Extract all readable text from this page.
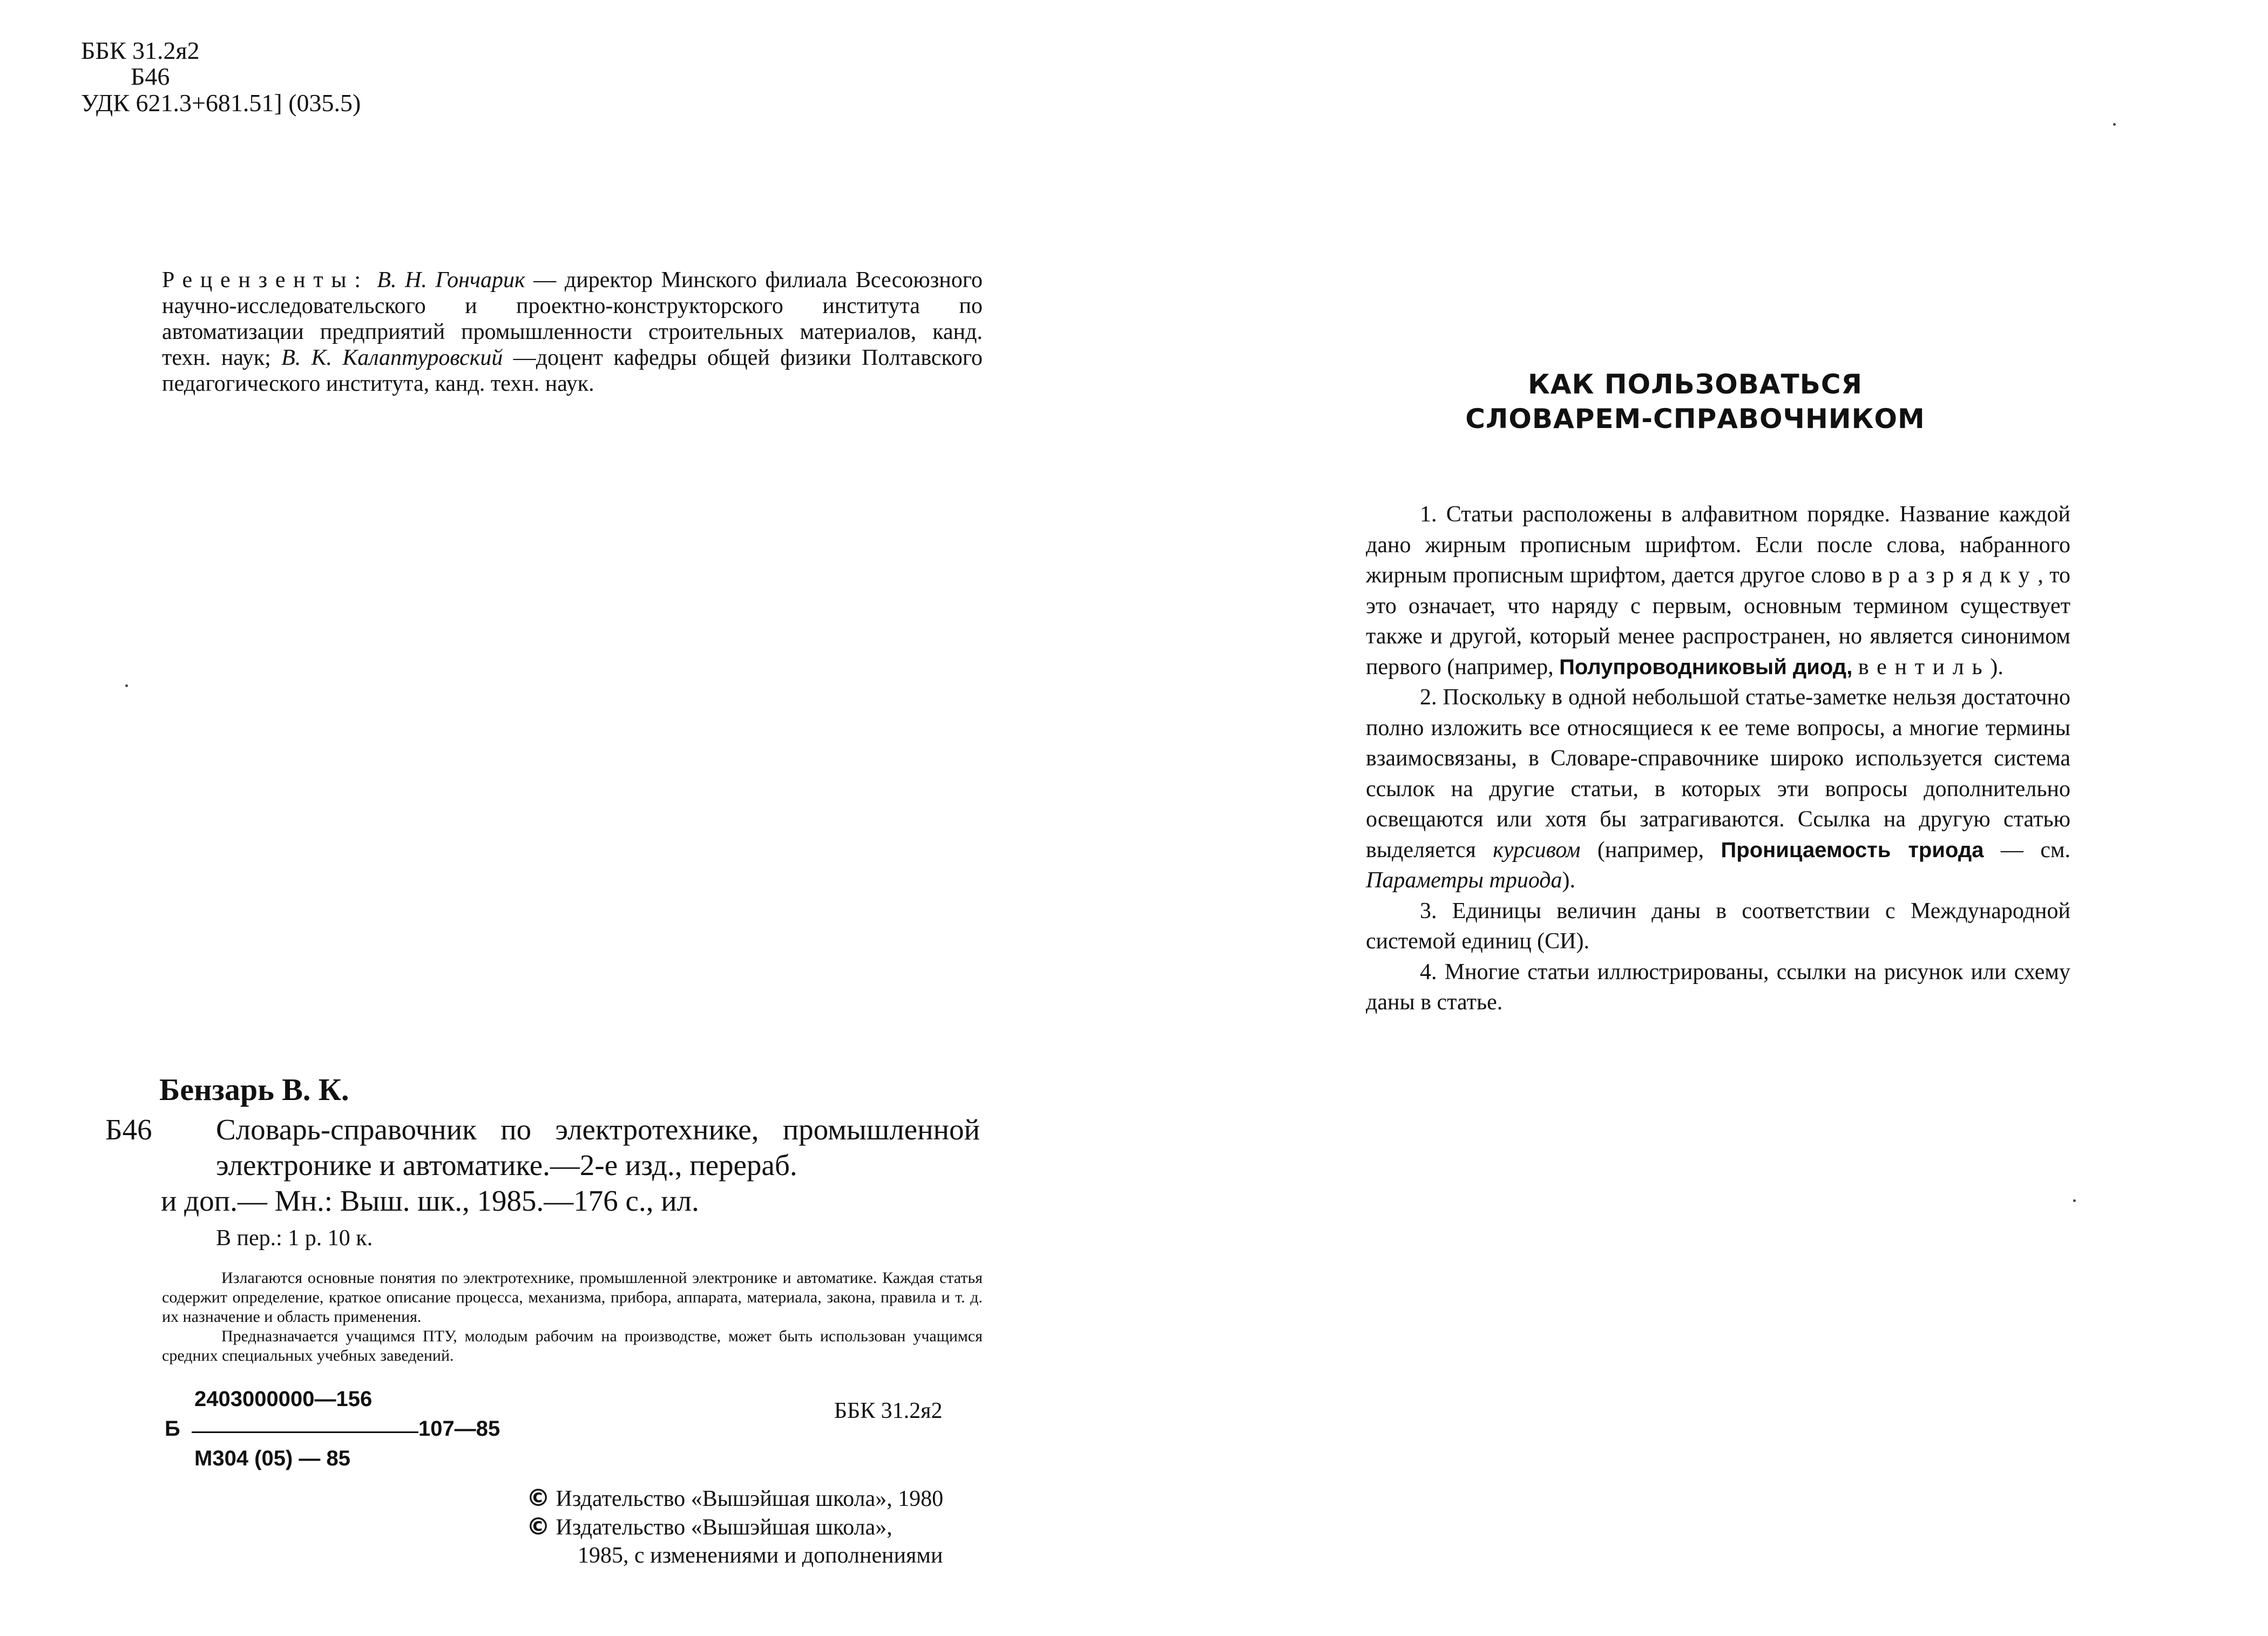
ББК 31.2я2
Б46
УДК 621.3+681.51] (035.5)
Рецензенты: В. Н. Гончарик — директор Минского филиала Всесоюзного научно-исследовательского и проектно-конструкторского института по автоматизации предприятий промышленности строительных материалов, канд. техн. наук; В. К. Калаптуровский —доцент кафедры общей физики Полтавского педагогического института, канд. техн. наук.
Бензарь В. К.
Б46	Словарь-справочник по электротехнике, промышленной электронике и автоматике.—2-е изд., перераб.
и доп.— Мн.: Выш. шк., 1985.—176 с., ил.
В пер.: 1 р. 10 к.

Излагаются основные понятия по электротехнике, промышленной электронике и автоматике. Каждая статья содержит определение, краткое описание процесса, механизма, прибора, аппарата, материала, закона, правила и т. д. их назначение и область применения.

Предназначается учащимся ПТУ, молодым рабочим на производстве, может быть использован учащимся средних специальных учебных заведений.

2403000000—156
Б	107—85
М304 (05) — 85
ББК 31.2я2
© Издательство «Вышэйшая школа», 1980
© Издательство «Вышэйшая школа»,
1985, с изменениями и дополнениями
КАК ПОЛЬЗОВАТЬСЯ
СЛОВАРЕМ-СПРАВОЧНИКОМ

1. Статьи расположены в алфавитном порядке. Название каждой дано жирным прописным шрифтом. Если после слова, набранного жирным прописным шрифтом, дается другое слово в разрядку, то это означает, что наряду с первым, основным термином существует также и другой, который менее распространен, но является синонимом первого (например, Полупроводниковый диод, вентиль).

2. Поскольку в одной небольшой статье-заметке нельзя достаточно полно изложить все относящиеся к ее теме вопросы, а многие термины взаимосвязаны, в Словаре-справочнике широко используется система ссылок на другие статьи, в которых эти вопросы дополнительно освещаются или хотя бы затрагиваются. Ссылка на другую статью выделяется курсивом (например, Проницаемость триода — см. Параметры триода).

3. Единицы величин даны в соответствии с Международной системой единиц (СИ).

4. Многие статьи иллюстрированы, ссылки на рисунок или схему даны в статье.
